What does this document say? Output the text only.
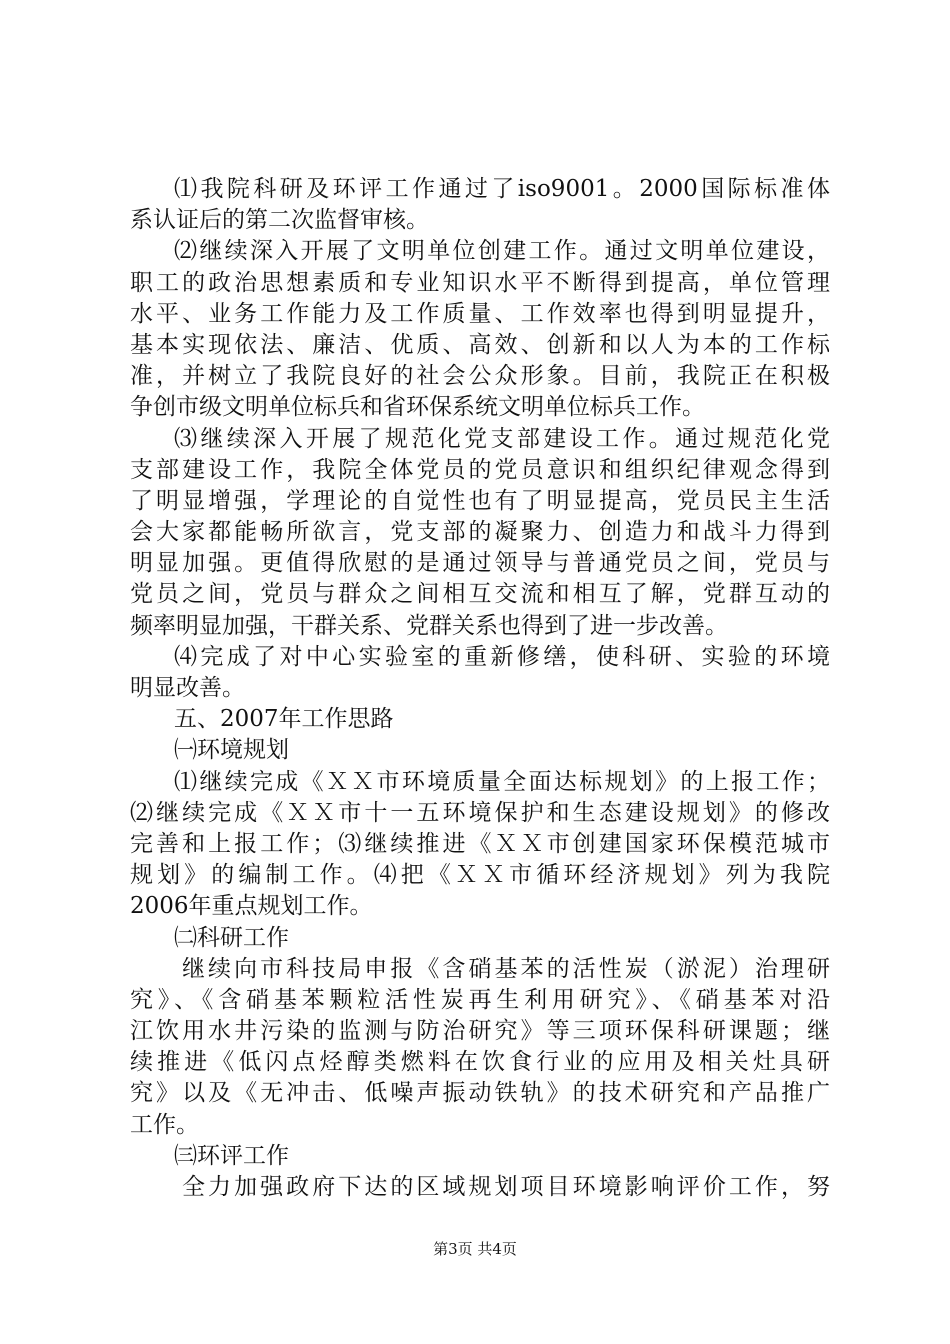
⑴我院科研及环评工作通过了iso9001。2000国际标准体
系认证后的第二次监督审核。
⑵继续深入开展了文明单位创建工作。通过文明单位建设，
职工的政治思想素质和专业知识水平不断得到提高，单位管理
水平、业务工作能力及工作质量、工作效率也得到明显提升，
基本实现依法、廉洁、优质、高效、创新和以人为本的工作标
准，并树立了我院良好的社会公众形象。目前，我院正在积极
争创市级文明单位标兵和省环保系统文明单位标兵工作。
⑶继续深入开展了规范化党支部建设工作。通过规范化党
支部建设工作，我院全体党员的党员意识和组织纪律观念得到
了明显增强，学理论的自觉性也有了明显提高，党员民主生活
会大家都能畅所欲言，党支部的凝聚力、创造力和战斗力得到
明显加强。更值得欣慰的是通过领导与普通党员之间，党员与
党员之间，党员与群众之间相互交流和相互了解，党群互动的
频率明显加强，干群关系、党群关系也得到了进一步改善。
⑷完成了对中心实验室的重新修缮，使科研、实验的环境
明显改善。
五、2007年工作思路
㈠环境规划
⑴继续完成《ＸＸ市环境质量全面达标规划》的上报工作；
⑵继续完成《ＸＸ市十一五环境保护和生态建设规划》的修改
完善和上报工作；⑶继续推进《ＸＸ市创建国家环保模范城市
规划》的编制工作。⑷把《ＸＸ市循环经济规划》列为我院
2006年重点规划工作。
㈡科研工作
继续向市科技局申报《含硝基苯的活性炭（淤泥）治理研
究》、《含硝基苯颗粒活性炭再生利用研究》、《硝基苯对沿
江饮用水井污染的监测与防治研究》等三项环保科研课题；继
续推进《低闪点烃醇类燃料在饮食行业的应用及相关灶具研
究》以及《无冲击、低噪声振动铁轨》的技术研究和产品推广
工作。
㈢环评工作
全力加强政府下达的区域规划项目环境影响评价工作，努
第3页 共4页
